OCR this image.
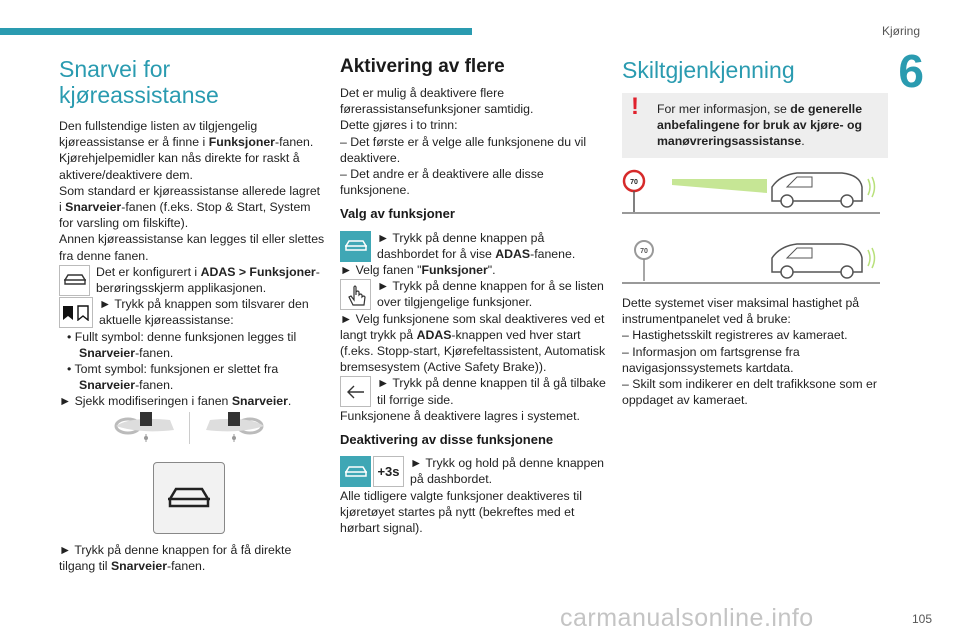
Kjøring
6
Snarvei for kjøreassistanse

Den fullstendige listen av tilgjengelig kjøreassistanse er å finne i Funksjoner-fanen. Kjørehjelpemidler kan nås direkte for raskt å aktivere/deaktivere dem.

Som standard er kjøreassistanse allerede lagret i Snarveier-fanen (f.eks. Stop & Start, System for varsling om filskifte).

Annen kjøreassistanse kan legges til eller slettes fra denne fanen.

Det er konfigurert i ADAS > Funksjoner-berøringsskjerm applikasjonen.
► Trykk på knappen som tilsvarer den aktuelle kjøreassistanse:

• Fullt symbol: denne funksjonen legges til Snarveier-fanen.

• Tomt symbol: funksjonen er slettet fra Snarveier-fanen.

► Sjekk modifiseringen i fanen Snarveier.

► Trykk på denne knappen for å få direkte tilgang til Snarveier-fanen.

Aktivering av flere

Det er mulig å deaktivere flere førerassistansefunksjoner samtidig.

Dette gjøres i to trinn:

– Det første er å velge alle funksjonene du vil deaktivere.

– Det andre er å deaktivere alle disse funksjonene.

Valg av funksjoner
► Trykk på denne knappen på dashbordet for å vise ADAS-fanene.

► Velg fanen "Funksjoner".

► Trykk på denne knappen for å se listen over tilgjengelige funksjoner.

► Velg funksjonene som skal deaktiveres ved et langt trykk på ADAS-knappen ved hver start (f.eks. Stopp-start, Kjørefeltassistent, Automatisk bremsesystem (Active Safety Brake)).

► Trykk på denne knappen til å gå tilbake til forrige side.

Funksjonene å deaktivere lagres i systemet.

Deaktivering av disse funksjonene
+3s
► Trykk og hold på denne knappen på dashbordet.

Alle tidligere valgte funksjoner deaktiveres til kjøretøyet startes på nytt (bekreftes med et hørbart signal).

Skiltgjenkjenning
!	For mer informasjon, se de generelle anbefalingene for bruk av kjøre- og manøvreringsassistanse.
70
70

Dette systemet viser maksimal hastighet på instrumentpanelet ved å bruke:

– Hastighetsskilt registreres av kameraet.

– Informasjon om fartsgrense fra navigasjonssystemets kartdata.

– Skilt som indikerer en delt trafikksone som er oppdaget av kameraet.

carmanualsonline.info	105
